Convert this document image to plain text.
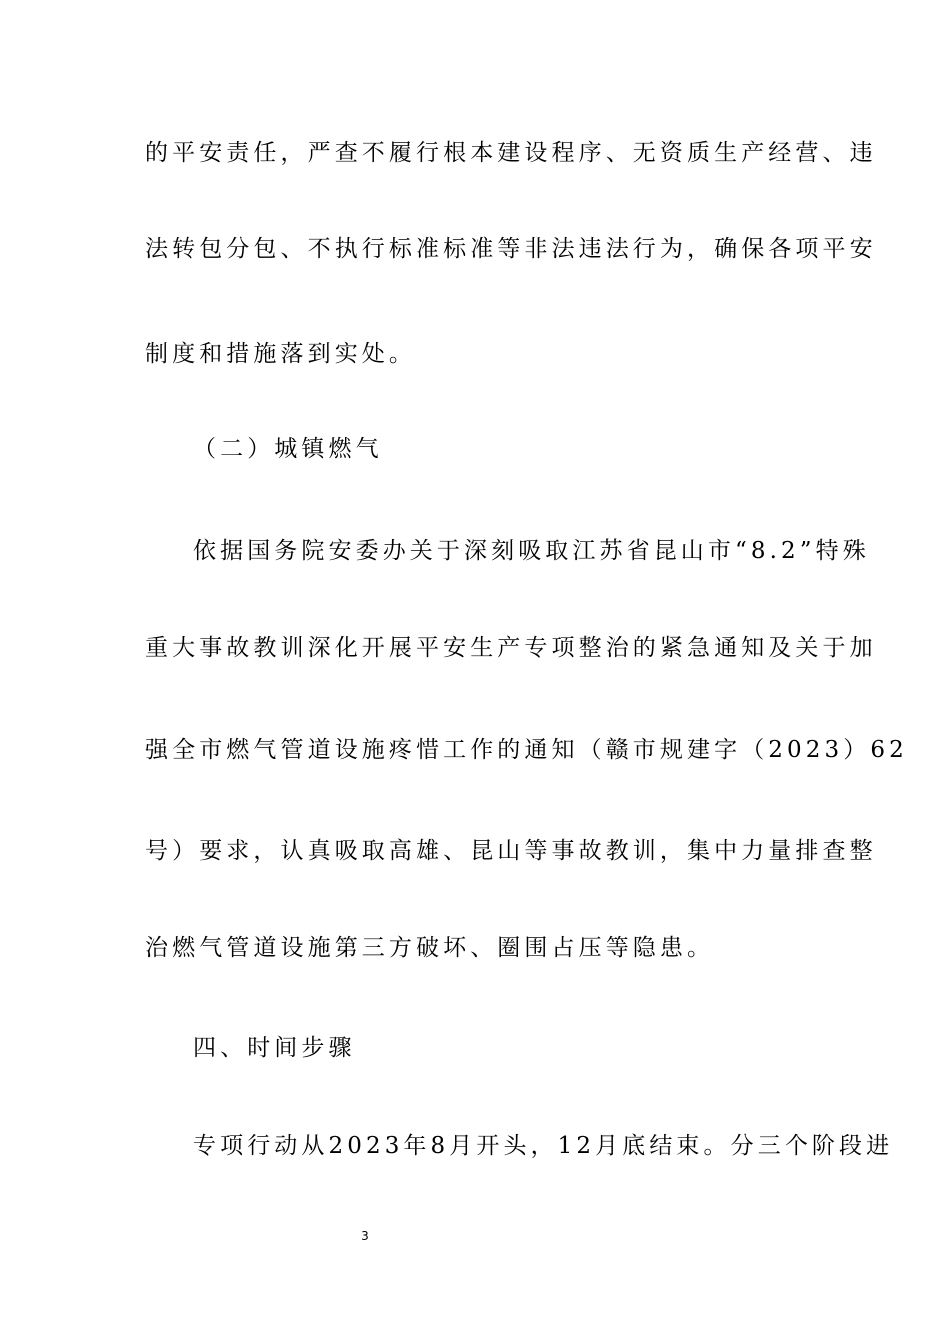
的平安责任，严查不履行根本建设程序、无资质生产经营、违
法转包分包、不执行标准标准等非法违法行为，确保各项平安
制度和措施落到实处。
（二）城镇燃气
依据国务院安委办关于深刻吸取江苏省昆山市“8.2”特殊
重大事故教训深化开展平安生产专项整治的紧急通知及关于加
强全市燃气管道设施疼惜工作的通知（赣市规建字（2023）62
号）要求，认真吸取高雄、昆山等事故教训，集中力量排查整
治燃气管道设施第三方破坏、圈围占压等隐患。
四、时间步骤
专项行动从2023年8月开头，12月底结束。分三个阶段进
3
